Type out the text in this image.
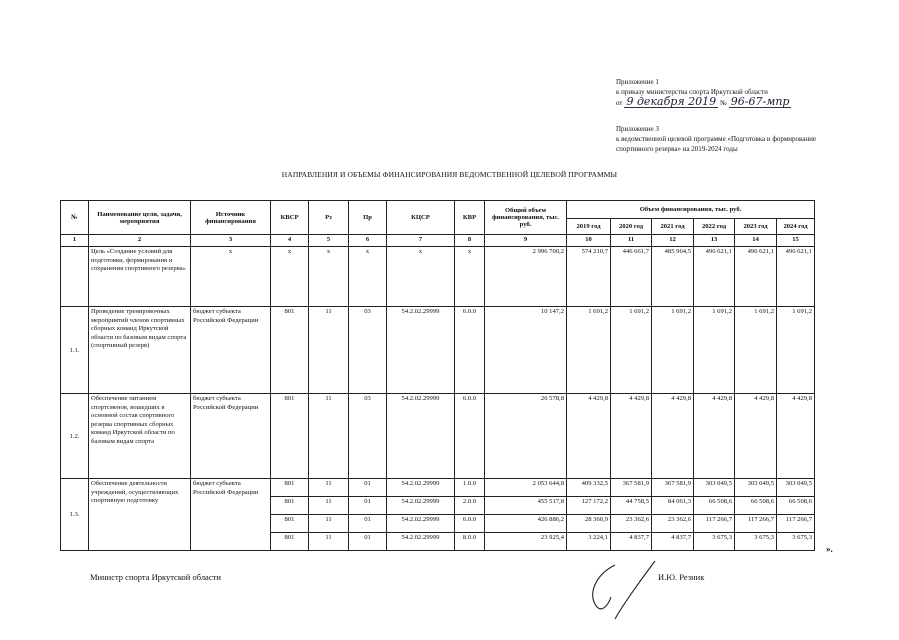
Приложение 1
к приказу министерства спорта Иркутской области
от 9 декабря 2019 № 96-67-мпр
Приложение 3
к ведомственной целевой программе «Подготовка и формирование спортивного резерва» на 2019-2024 годы
НАПРАВЛЕНИЯ И ОБЪЕМЫ ФИНАНСИРОВАНИЯ ВЕДОМСТВЕННОЙ ЦЕЛЕВОЙ ПРОГРАММЫ
№	Наименование цели, задачи, мероприятия	Источник финансирования	КВСР	Рз	Пр	КЦСР	КВР	Общий объем финансирования, тыс. руб.	Объем финансирования, тыс. руб.					
									2019 год	2020 год	2021 год	2022 год	2023 год	2024 год
1	2	3	4	5	6	7	8	9	10	11	12	13	14	15
	Цель «Создание условий для подготовки, формирования и сохранения спортивного резерва»	х	х	х	х	х	х	2 996 700,2	574 210,7	446 661,7	485 964,5	496 621,1	496 621,1	496 621,1
1.1.	Проведение тренировочных мероприятий членов спортивных сборных команд Иркутской области по базовым видам спорта (спортивный резерв)	бюджет субъекта Российской Федерации	801	11	03	54.2.02.29999	6.0.0	10 147,2	1 691,2	1 691,2	1 691,2	1 691,2	1 691,2	1 691,2
1.2.	Обеспечение питанием спортсменов, вошедших в основной состав спортивного резерва спортивных сборных команд Иркутской области по базовым видам спорта	бюджет субъекта Российской Федерации	801	11	03	54.2.02.29999	6.0.0	26 578,8	4 429,8	4 429,8	4 429,8	4 429,8	4 429,8	4 429,8
1.3.	Обеспечение деятельности учреждений, осуществляющих спортивную подготовку	бюджет субъекта Российской Федерации	801	11	01	54.2.02.29999	1.0.0	2 053 644,8	409 332,5	367 581,9	367 581,9	303 049,5	303 049,5	303 049,5
			801	11	01	54.2.02.29999	2.0.0	455 517,8	127 172,2	44 758,5	84 061,3	66 508,6	66 508,6	66 508,6
			801	11	01	54.2.02.29999	6.0.0	426 886,2	28 360,9	23 362,6	23 362,6	117 266,7	117 266,7	117 266,7
			801	11	01	54.2.02.29999	8.0.0	23 925,4	3 224,1	4 837,7	4 837,7	3 675,3	3 675,3	3 675,3
».
Министр спорта Иркутской области	И.Ю. Резник
